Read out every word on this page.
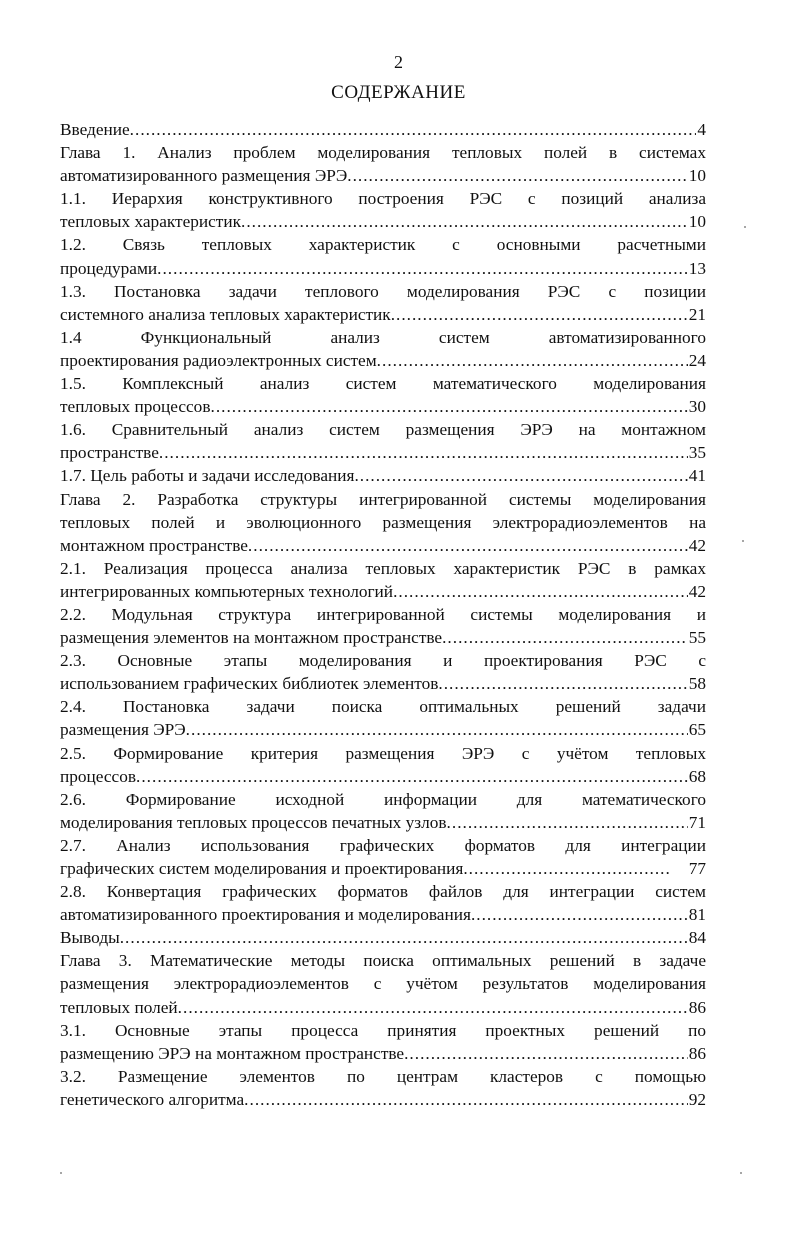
2
СОДЕРЖАНИЕ
Введение .....	4
Глава 1. Анализ проблем моделирования тепловых полей в системах
автоматизированного размещения ЭРЭ .....	10
1.1. Иерархия конструктивного построения РЭС с позиций анализа
тепловых характеристик .....	10
1.2. Связь тепловых характеристик с основными расчетными
процедурами .....	13
1.3. Постановка задачи теплового моделирования РЭС с позиции
системного анализа тепловых характеристик .....	21
1.4 Функциональный анализ систем автоматизированного
проектирования радиоэлектронных систем .....	24
1.5. Комплексный анализ систем математического моделирования
тепловых процессов .....	30
1.6. Сравнительный анализ систем размещения ЭРЭ на монтажном
пространстве .....	35
1.7. Цель работы и задачи исследования .....	41
Глава 2. Разработка структуры интегрированной системы моделирования
тепловых полей и эволюционного размещения электрорадиоэлементов на
монтажном пространстве .....	42
2.1. Реализация процесса анализа тепловых характеристик РЭС в рамках
интегрированных компьютерных технологий .....	42
2.2. Модульная структура интегрированной системы моделирования и
размещения элементов на монтажном пространстве .....	55
2.3. Основные этапы моделирования и проектирования РЭС с
использованием графических библиотек элементов .....	58
2.4. Постановка задачи поиска оптимальных решений задачи
размещения ЭРЭ .....	65
2.5. Формирование критерия размещения ЭРЭ с учётом тепловых
процессов .....	68
2.6. Формирование исходной информации для математического
моделирования тепловых процессов печатных узлов .....	71
2.7. Анализ использования графических форматов для интеграции
графических систем моделирования и проектирования .....	77
2.8. Конвертация графических форматов файлов для интеграции систем
автоматизированного проектирования и моделирования .....	81
Выводы .....	84
Глава 3. Математические методы поиска оптимальных решений в задаче
размещения электрорадиоэлементов с учётом результатов моделирования
тепловых полей .....	86
3.1. Основные этапы процесса принятия проектных решений по
размещению ЭРЭ на монтажном пространстве .....	86
3.2. Размещение элементов по центрам кластеров с помощью
генетического алгоритма .....	92
